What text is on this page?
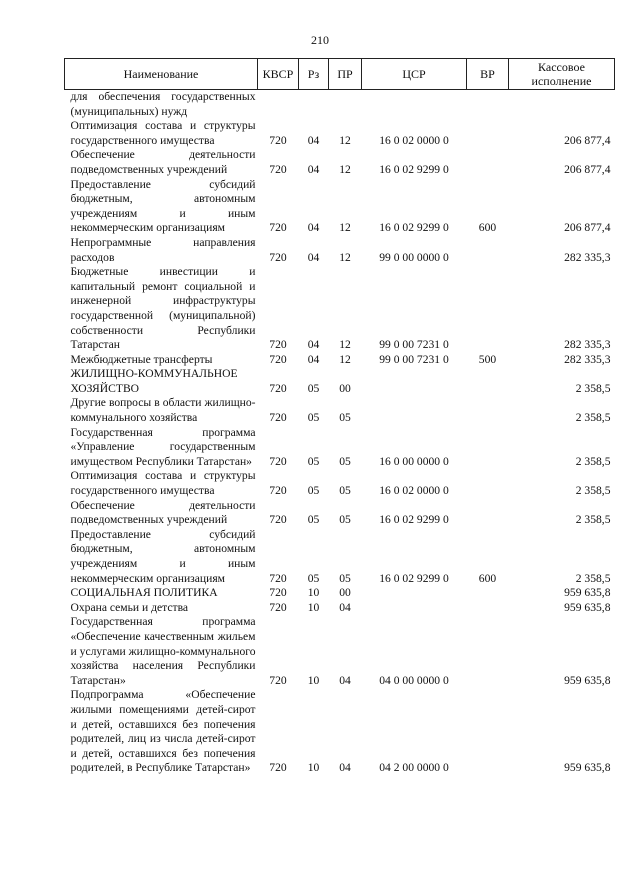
210
Наименование	КВСР	Рз	ПР	ЦСР	ВР	Кассовое исполнение
для обеспечения государственных (муниципальных) нужд						
Оптимизация состава и структуры государственного имущества	720	04	12	16 0 02 0000 0		206 877,4
Обеспечение деятельности подведомственных учреждений	720	04	12	16 0 02 9299 0		206 877,4
Предоставление субсидий бюджетным, автономным учреждениям и иным некоммерческим организациям	720	04	12	16 0 02 9299 0	600	206 877,4
Непрограммные направления расходов	720	04	12	99 0 00 0000 0		282 335,3
Бюджетные инвестиции и капитальный ремонт социальной и инженерной инфраструктуры государственной (муниципальной) собственности Республики Татарстан	720	04	12	99 0 00 7231 0		282 335,3
Межбюджетные трансферты	720	04	12	99 0 00 7231 0	500	282 335,3
ЖИЛИЩНО-КОММУНАЛЬНОЕ ХОЗЯЙСТВО	720	05	00			2 358,5
Другие вопросы в области жилищно-коммунального хозяйства	720	05	05			2 358,5
Государственная программа «Управление государственным имуществом Республики Татарстан»	720	05	05	16 0 00 0000 0		2 358,5
Оптимизация состава и структуры государственного имущества	720	05	05	16 0 02 0000 0		2 358,5
Обеспечение деятельности подведомственных учреждений	720	05	05	16 0 02 9299 0		2 358,5
Предоставление субсидий бюджетным, автономным учреждениям и иным некоммерческим организациям	720	05	05	16 0 02 9299 0	600	2 358,5
СОЦИАЛЬНАЯ ПОЛИТИКА	720	10	00			959 635,8
Охрана семьи и детства	720	10	04			959 635,8
Государственная программа «Обеспечение качественным жильем и услугами жилищно-коммунального хозяйства населения Республики Татарстан»	720	10	04	04 0 00 0000 0		959 635,8
Подпрограмма «Обеспечение жилыми помещениями детей-сирот и детей, оставшихся без попечения родителей, лиц из числа детей-сирот и детей, оставшихся без попечения родителей, в Республике Татарстан»	720	10	04	04 2 00 0000 0		959 635,8
